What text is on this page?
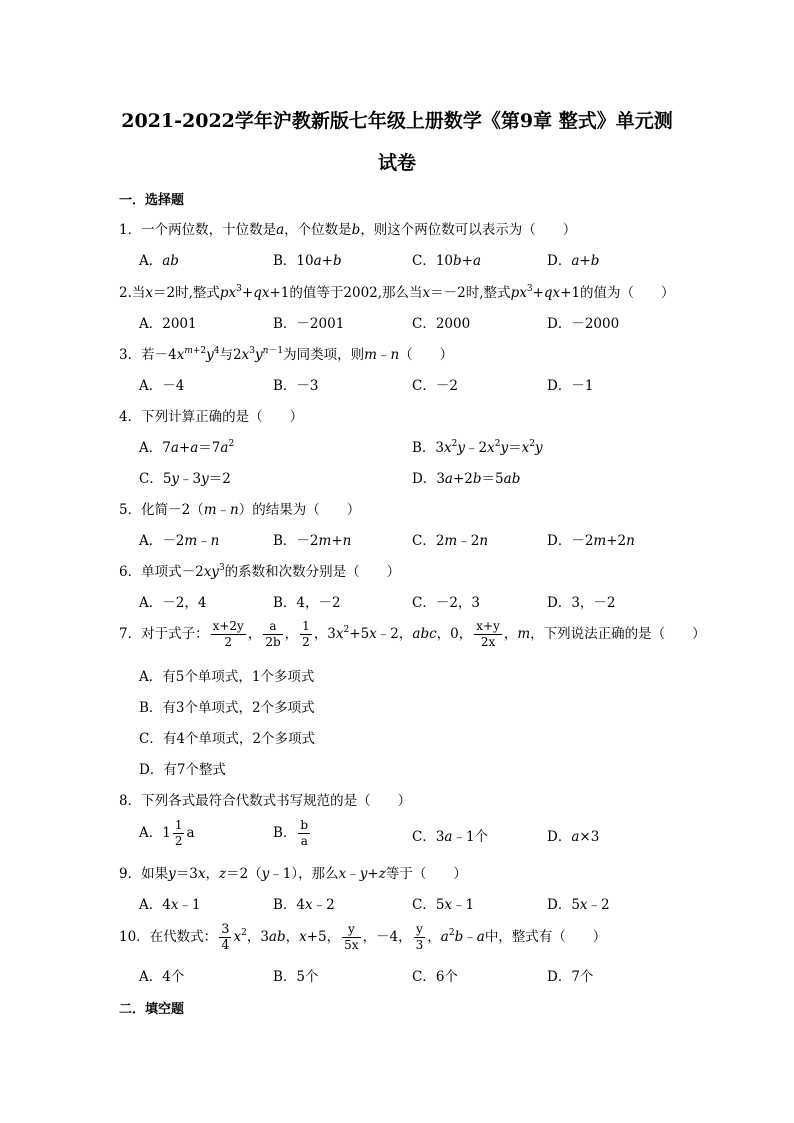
2021-2022学年沪教新版七年级上册数学《第9章 整式》单元测
试卷
一．选择题
1．一个两位数，十位数是a，个位数是b，则这个两位数可以表示为（　　）
A．ab	B．10a+b	C．10b+a	D．a+b
2.当x＝2时,整式$px^3+qx+1$的值等于2002,那么当x＝－2时,整式$px^3+qx+1$的值为（　　）
A．2001	B．－2001	C．2000	D．－2000
3．若$-4x^{m+2}y^4$与$2x^3y^{n-1}$为同类项，则m﹣n（　　）
A．－4	B．－3	C．－2	D．－1
4．下列计算正确的是（　　）
A．$7a+a=7a^2$	B．$3x^2y﹣2x^2y=x^2y$
C．5y﹣3y＝2	D．3a+2b＝5ab
5．化简－2（m﹣n）的结果为（　　）
A．－2m﹣n	B．－2m+n	C．2m﹣2n	D．－2m+2n
6．单项式$-2xy^3$的系数和次数分别是（　　）
A．－2，4	B．4，－2	C．－2，3	D．3，－2
7．对于式子： $\frac{x+2y}{2}$ ， $\frac{a}{2b}$ ， $\frac{1}{2}$ ，$3x^2+5x﹣2$，abc，0， $\frac{x+y}{2x}$ ，m，下列说法正确的是（　　）
A．有5个单项式，1个多项式
B．有3个单项式，2个多项式
C．有4个单项式，2个多项式
D．有7个整式
8．下列各式最符合代数式书写规范的是（　　）
A．$1 \frac{1}{2}$ a	B． $\frac{b}{a}$	C．3a﹣1个	D．a×3
9．如果y＝3x，z＝2（y﹣1），那么x﹣y+z等于（　　）
A．4x﹣1	B．4x﹣2	C．5x﹣1	D．5x﹣2
10．在代数式： $\frac{3}{4} x^2$，3ab，x+5， $\frac{y}{5x}$ ，－4， $\frac{y}{3}$ ，$a^2b﹣a$中，整式有（　　）
A．4个	B．5个	C．6个	D．7个
二．填空题
